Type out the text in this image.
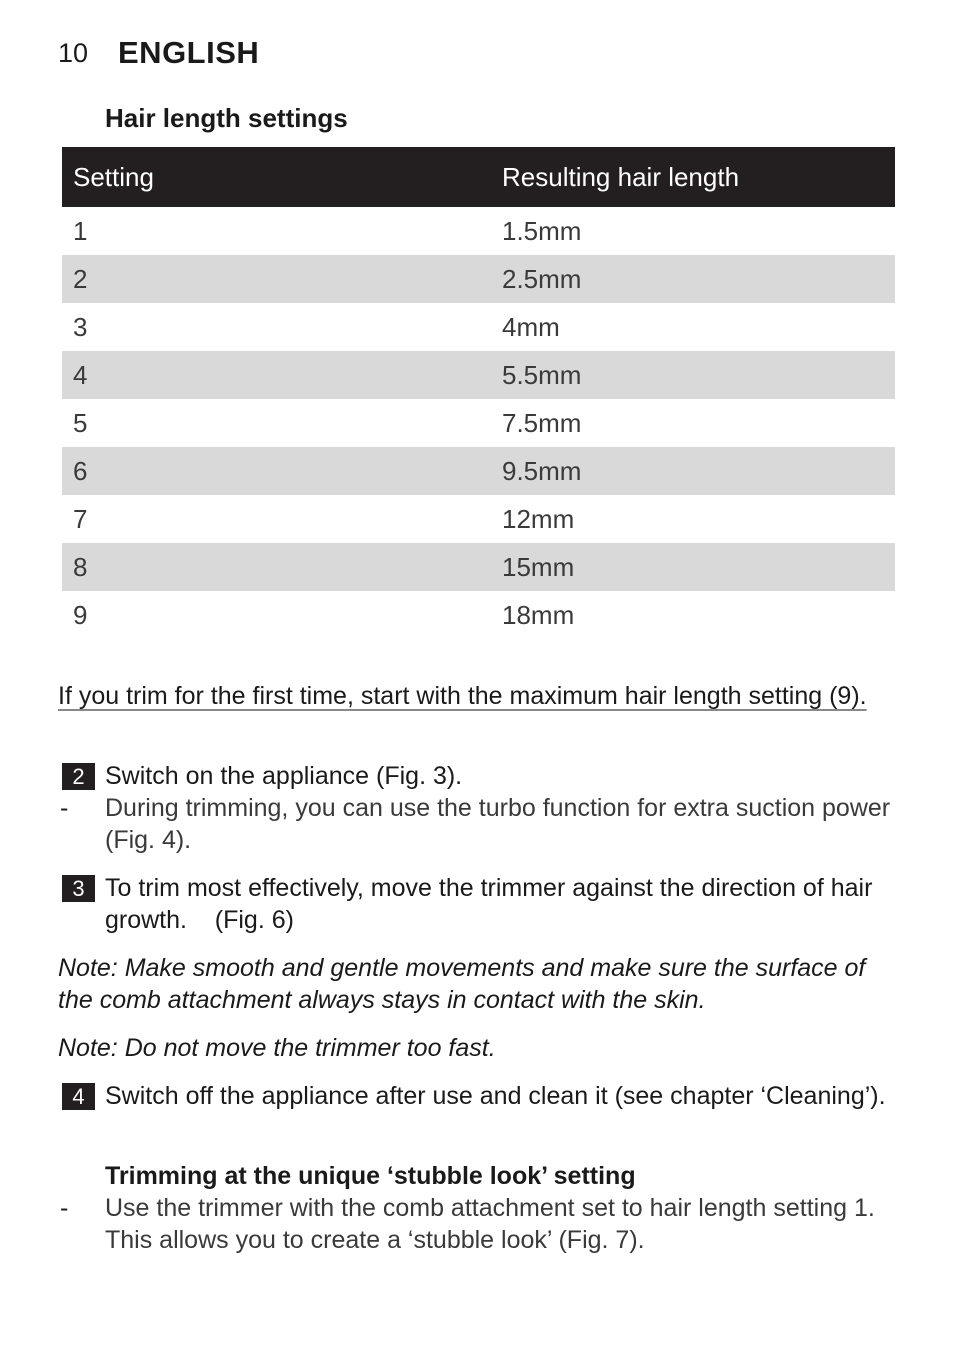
10 ENGLISH
Hair length settings
Setting	Resulting hair length
1	1.5mm
2	2.5mm
3	4mm
4	5.5mm
5	7.5mm
6	9.5mm
7	12mm
8	15mm
9	18mm
If you trim for the first time, start with the maximum hair length setting (9).
2 Switch on the appliance (Fig. 3).
- During trimming, you can use the turbo function for extra suction power (Fig. 4).
3 To trim most effectively, move the trimmer against the direction of hair growth.    (Fig. 6)
Note: Make smooth and gentle movements and make sure the surface of the comb attachment always stays in contact with the skin.
Note: Do not move the trimmer too fast.
4 Switch off the appliance after use and clean it (see chapter ‘Cleaning’).
Trimming at the unique ‘stubble look’ setting
- Use the trimmer with the comb attachment set to hair length setting 1. This allows you to create a ‘stubble look’ (Fig. 7).
